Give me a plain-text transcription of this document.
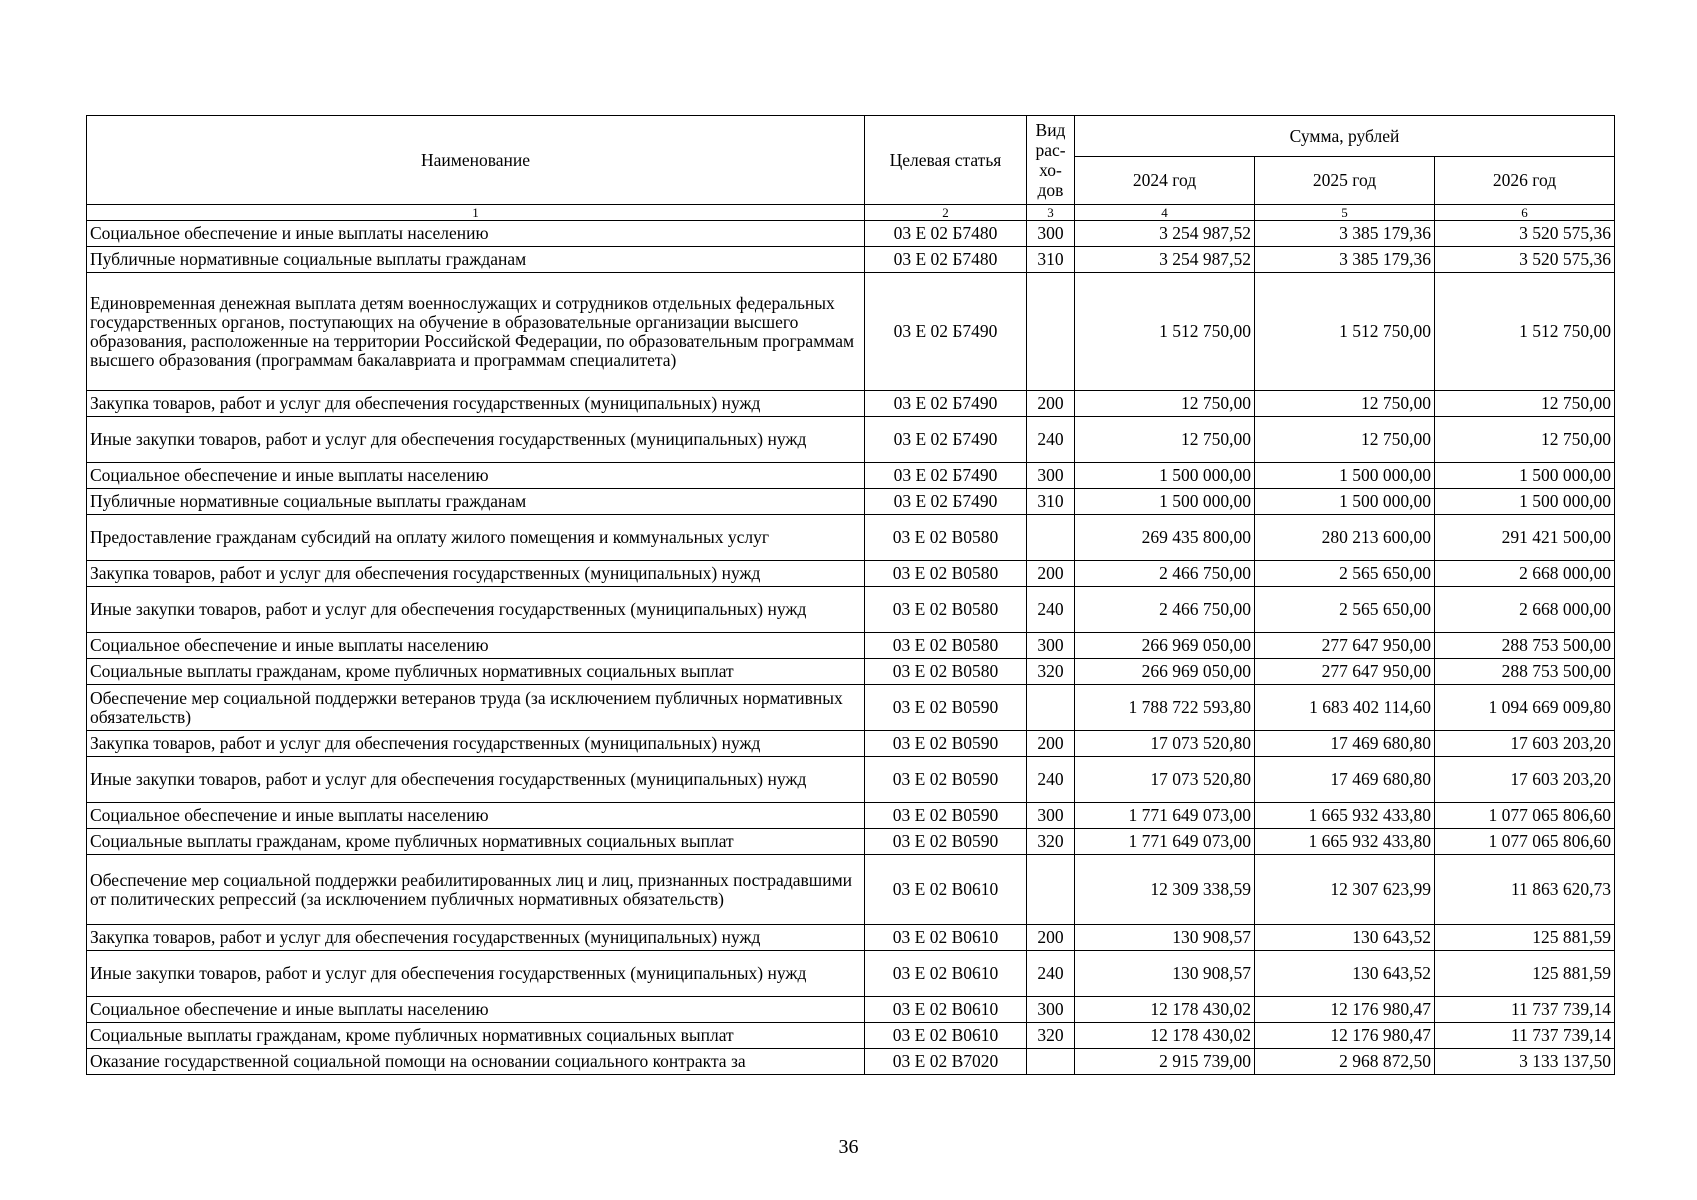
Наименование	Целевая статья	Вид рас-хо-дов	Сумма, рублей		
			2024 год	2025 год	2026 год
1	2	3	4	5	6
Социальное обеспечение и иные выплаты населению	03 Е 02 Б7480	300	3 254 987,52	3 385 179,36	3 520 575,36
Публичные нормативные социальные выплаты гражданам	03 Е 02 Б7480	310	3 254 987,52	3 385 179,36	3 520 575,36
Единовременная денежная выплата детям военнослужащих и сотрудников отдельных федеральных государственных органов, поступающих на обучение в образовательные организации высшего образования, расположенные на территории Российской Федерации, по образовательным программам высшего образования (программам бакалавриата и программам специалитета)	03 Е 02 Б7490		1 512 750,00	1 512 750,00	1 512 750,00
Закупка товаров, работ и услуг для обеспечения государственных (муниципальных) нужд	03 Е 02 Б7490	200	12 750,00	12 750,00	12 750,00
Иные закупки товаров, работ и услуг для обеспечения государственных (муниципальных) нужд	03 Е 02 Б7490	240	12 750,00	12 750,00	12 750,00
Социальное обеспечение и иные выплаты населению	03 Е 02 Б7490	300	1 500 000,00	1 500 000,00	1 500 000,00
Публичные нормативные социальные выплаты гражданам	03 Е 02 Б7490	310	1 500 000,00	1 500 000,00	1 500 000,00
Предоставление гражданам субсидий на оплату жилого помещения и коммунальных услуг	03 Е 02 В0580		269 435 800,00	280 213 600,00	291 421 500,00
Закупка товаров, работ и услуг для обеспечения государственных (муниципальных) нужд	03 Е 02 В0580	200	2 466 750,00	2 565 650,00	2 668 000,00
Иные закупки товаров, работ и услуг для обеспечения государственных (муниципальных) нужд	03 Е 02 В0580	240	2 466 750,00	2 565 650,00	2 668 000,00
Социальное обеспечение и иные выплаты населению	03 Е 02 В0580	300	266 969 050,00	277 647 950,00	288 753 500,00
Социальные выплаты гражданам, кроме публичных нормативных социальных выплат	03 Е 02 В0580	320	266 969 050,00	277 647 950,00	288 753 500,00
Обеспечение мер социальной поддержки ветеранов труда (за исключением публичных нормативных обязательств)	03 Е 02 В0590		1 788 722 593,80	1 683 402 114,60	1 094 669 009,80
Закупка товаров, работ и услуг для обеспечения государственных (муниципальных) нужд	03 Е 02 В0590	200	17 073 520,80	17 469 680,80	17 603 203,20
Иные закупки товаров, работ и услуг для обеспечения государственных (муниципальных) нужд	03 Е 02 В0590	240	17 073 520,80	17 469 680,80	17 603 203,20
Социальное обеспечение и иные выплаты населению	03 Е 02 В0590	300	1 771 649 073,00	1 665 932 433,80	1 077 065 806,60
Социальные выплаты гражданам, кроме публичных нормативных социальных выплат	03 Е 02 В0590	320	1 771 649 073,00	1 665 932 433,80	1 077 065 806,60
Обеспечение мер социальной поддержки реабилитированных лиц и лиц, признанных пострадавшими от политических репрессий (за исключением публичных нормативных обязательств)	03 Е 02 В0610		12 309 338,59	12 307 623,99	11 863 620,73
Закупка товаров, работ и услуг для обеспечения государственных (муниципальных) нужд	03 Е 02 В0610	200	130 908,57	130 643,52	125 881,59
Иные закупки товаров, работ и услуг для обеспечения государственных (муниципальных) нужд	03 Е 02 В0610	240	130 908,57	130 643,52	125 881,59
Социальное обеспечение и иные выплаты населению	03 Е 02 В0610	300	12 178 430,02	12 176 980,47	11 737 739,14
Социальные выплаты гражданам, кроме публичных нормативных социальных выплат	03 Е 02 В0610	320	12 178 430,02	12 176 980,47	11 737 739,14
Оказание государственной социальной помощи на основании социального контракта за	03 Е 02 В7020		2 915 739,00	2 968 872,50	3 133 137,50
36
